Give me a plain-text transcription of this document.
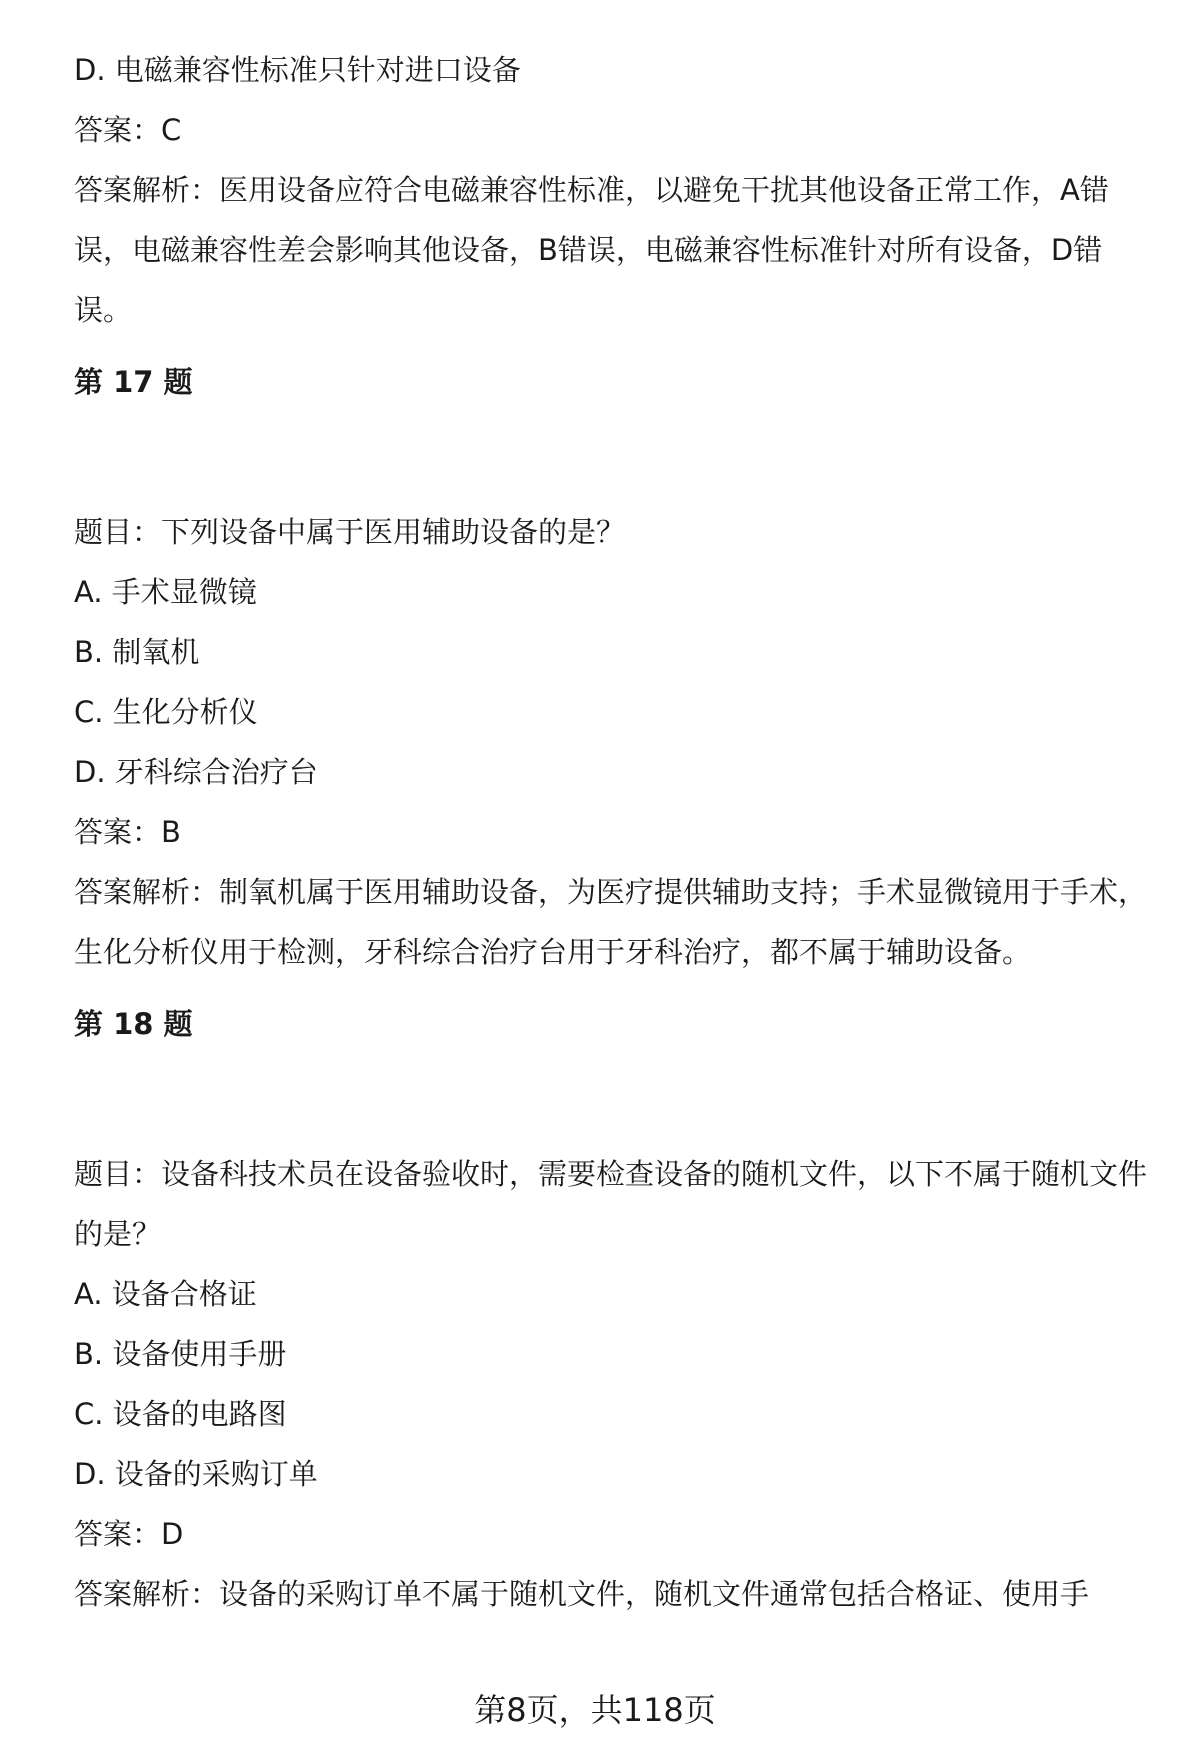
D. 电磁兼容性标准只针对进口设备
答案：C
答案解析：医用设备应符合电磁兼容性标准，以避免干扰其他设备正常工作，A错误，电磁兼容性差会影响其他设备，B错误，电磁兼容性标准针对所有设备，D错误。
第 17 题
题目：下列设备中属于医用辅助设备的是？
A. 手术显微镜
B. 制氧机
C. 生化分析仪
D. 牙科综合治疗台
答案：B
答案解析：制氧机属于医用辅助设备，为医疗提供辅助支持；手术显微镜用于手术，生化分析仪用于检测，牙科综合治疗台用于牙科治疗，都不属于辅助设备。
第 18 题
题目：设备科技术员在设备验收时，需要检查设备的随机文件，以下不属于随机文件的是？
A. 设备合格证
B. 设备使用手册
C. 设备的电路图
D. 设备的采购订单
答案：D
答案解析：设备的采购订单不属于随机文件，随机文件通常包括合格证、使用手
第8页，共118页
